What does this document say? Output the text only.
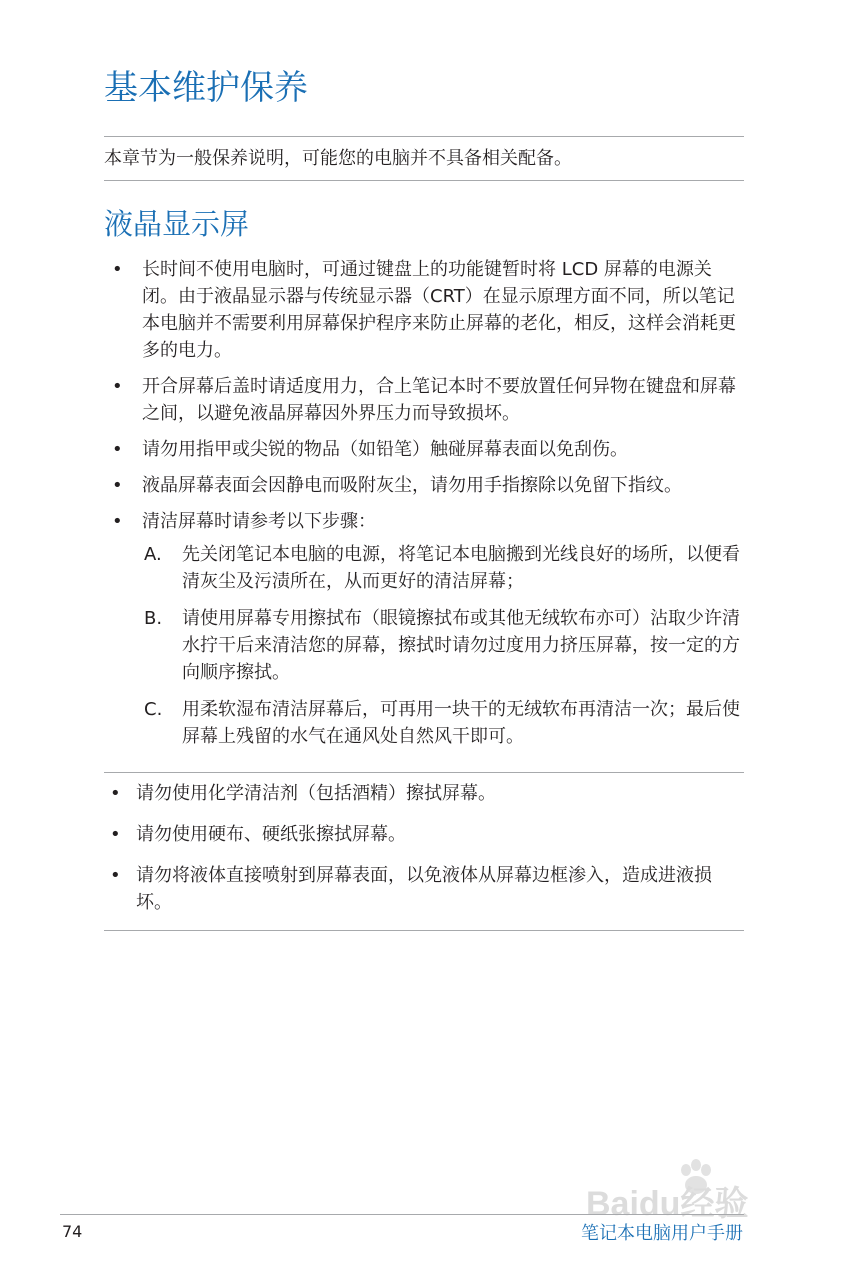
基本维护保养

本章节为一般保养说明，可能您的电脑并不具备相关配备。

液晶显示屏
• 长时间不使用电脑时，可通过键盘上的功能键暂时将 LCD 屏幕的电源关闭。由于液晶显示器与传统显示器（CRT）在显示原理方面不同，所以笔记本电脑并不需要利用屏幕保护程序来防止屏幕的老化，相反，这样会消耗更多的电力。
• 开合屏幕后盖时请适度用力，合上笔记本时不要放置任何异物在键盘和屏幕之间，以避免液晶屏幕因外界压力而导致损坏。
• 请勿用指甲或尖锐的物品（如铅笔）触碰屏幕表面以免刮伤。
• 液晶屏幕表面会因静电而吸附灰尘，请勿用手指擦除以免留下指纹。
• 清洁屏幕时请参考以下步骤：
A. 先关闭笔记本电脑的电源，将笔记本电脑搬到光线良好的场所，以便看清灰尘及污渍所在，从而更好的清洁屏幕；
B. 请使用屏幕专用擦拭布（眼镜擦拭布或其他无绒软布亦可）沾取少许清水拧干后来清洁您的屏幕，擦拭时请勿过度用力挤压屏幕，按一定的方向顺序擦拭。
C. 用柔软湿布清洁屏幕后，可再用一块干的无绒软布再清洁一次；最后使屏幕上残留的水气在通风处自然风干即可。
• 请勿使用化学清洁剂（包括酒精）擦拭屏幕。
• 请勿使用硬布、硬纸张擦拭屏幕。
• 请勿将液体直接喷射到屏幕表面，以免液体从屏幕边框渗入，造成进液损坏。
Baidu经验
74	笔记本电脑用户手册
